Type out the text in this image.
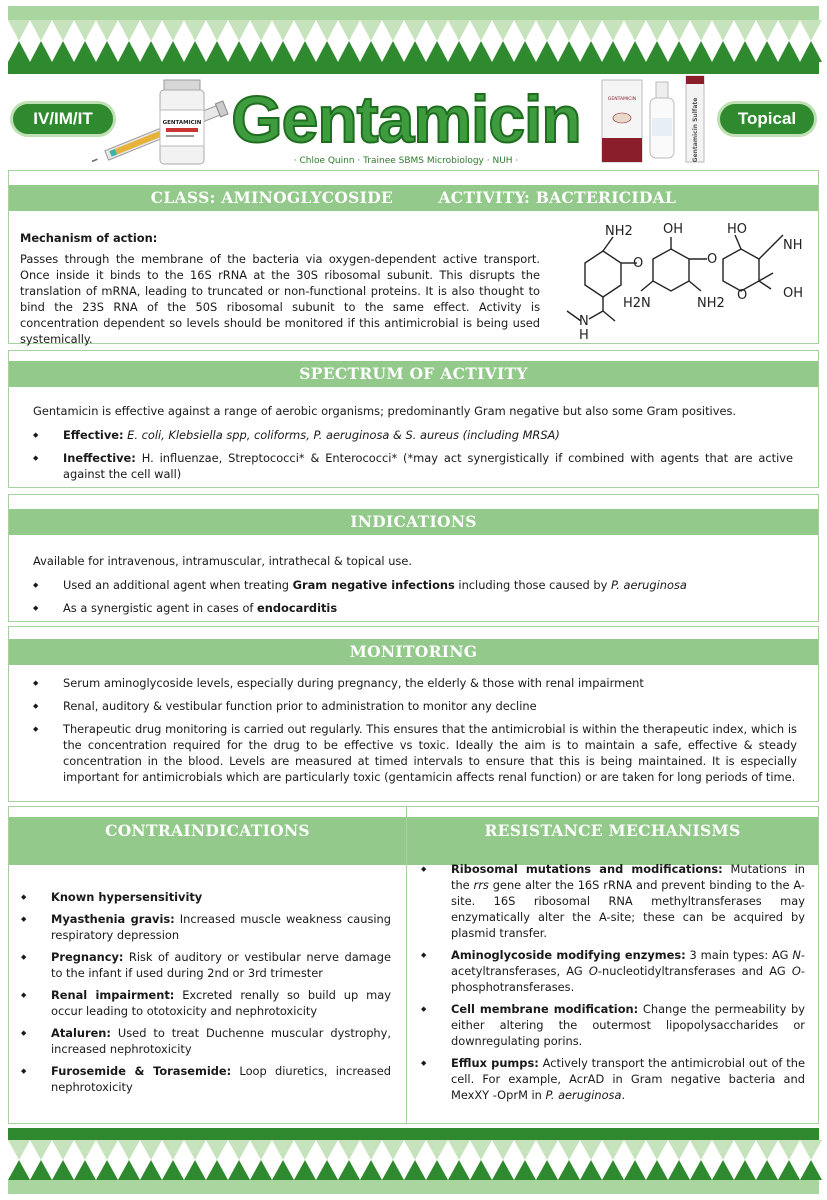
IV/IM/IT	GENTAMICIN Gentamicin
· Chloe Quinn · Trainee SBMS Microbiology · NUH ·
GENTAMICIN	Gentamicin Sulfate	Topical
CLASS: AMINOGLYCOSIDE	ACTIVITY: BACTERICIDAL
Mechanism of action:
Passes through the membrane of the bacteria via oxygen-dependent active transport. Once inside it binds to the 16S rRNA at the 30S ribosomal subunit. This disrupts the translation of mRNA, leading to truncated or non-functional proteins. It is also thought to bind the 23S RNA of the 50S ribosomal subunit to the same effect. Activity is concentration dependent so levels should be monitored if this antimicrobial is being used systemically.
NH2 OH	HO
NH
OH
H2N	NH2
N
H
O	O
O
SPECTRUM OF ACTIVITY
Gentamicin is effective against a range of aerobic organisms; predominantly Gram negative but also some Gram positives.
◆ Effective: E. coli, Klebsiella spp, coliforms, P. aeruginosa & S. aureus (including MRSA)
◆ Ineffective: H. influenzae, Streptococci* & Enterococci* (*may act synergistically if combined with agents that are active against the cell wall)
INDICATIONS
Available for intravenous, intramuscular, intrathecal & topical use.
◆ Used an additional agent when treating Gram negative infections including those caused by P. aeruginosa
◆ As a synergistic agent in cases of endocarditis
MONITORING
◆ Serum aminoglycoside levels, especially during pregnancy, the elderly & those with renal impairment
◆ Renal, auditory & vestibular function prior to administration to monitor any decline
◆ Therapeutic drug monitoring is carried out regularly. This ensures that the antimicrobial is within the therapeutic index, which is the concentration required for the drug to be effective vs toxic. Ideally the aim is to maintain a safe, effective & steady concentration in the blood. Levels are measured at timed intervals to ensure that this is being maintained. It is especially important for antimicrobials which are particularly toxic (gentamicin affects renal function) or are taken for long periods of time.
CONTRAINDICATIONS
◆ Known hypersensitivity
◆ Myasthenia gravis: Increased muscle weakness causing respiratory depression
◆ Pregnancy: Risk of auditory or vestibular nerve damage to the infant if used during 2nd or 3rd trimester
◆ Renal impairment: Excreted renally so build up may occur leading to ototoxicity and nephrotoxicity
◆ Ataluren: Used to treat Duchenne muscular dystrophy, increased nephrotoxicity
◆ Furosemide & Torasemide: Loop diuretics, increased nephrotoxicity
RESISTANCE MECHANISMS
◆ Ribosomal mutations and modifications: Mutations in the rrs gene alter the 16S rRNA and prevent binding to the A-site. 16S ribosomal RNA methyltransferases may enzymatically alter the A-site; these can be acquired by plasmid transfer.
◆ Aminoglycoside modifying enzymes: 3 main types: AG N-acetyltransferases, AG O-nucleotidyltransferases and AG O-phosphotransferases.
◆ Cell membrane modification: Change the permeability by either altering the outermost lipopolysaccharides or downregulating porins.
◆ Efflux pumps: Actively transport the antimicrobial out of the cell. For example, AcrAD in Gram negative bacteria and MexXY -OprM in P. aeruginosa.
